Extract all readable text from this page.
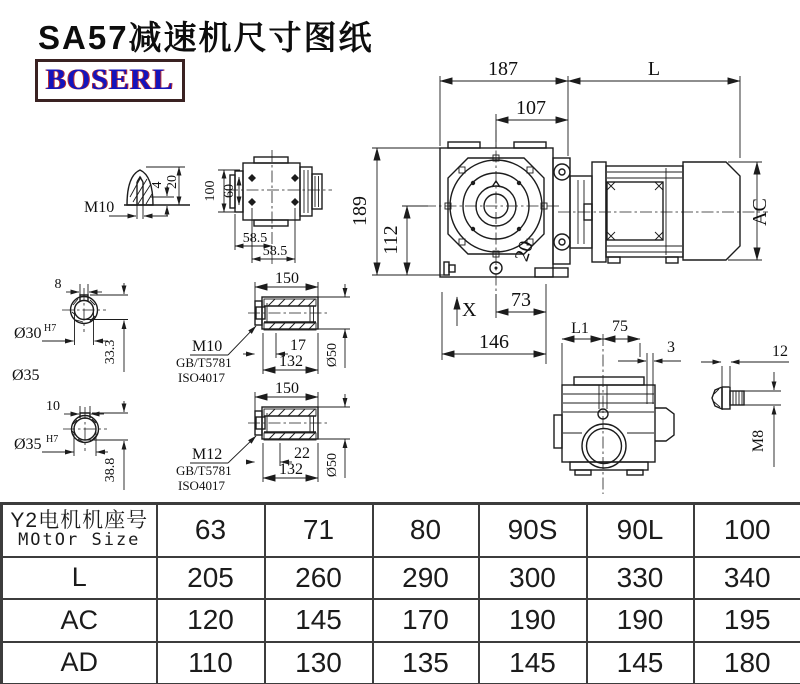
SA57减速机尺寸图纸
BOSERL
M10
4 20 100 60
58.5
58.5
8
Ø30 H7
33.3
Ø35
150
Ø50
17
132
M10
GB/T5781
ISO4017
10
Ø35 H7
38.8
150
Ø50
22
132
M12
GB/T5781
ISO4017
187	L
107
189
112	20
73
146
X
AC
L1 75
3	12
M8
Y2电机机座号
MOtOr Size	63	71	80	90S	90L	100
L	205	260	290	300	330	340
AC	120	145	170	190	190	195
AD	110	130	135	145	145	180
